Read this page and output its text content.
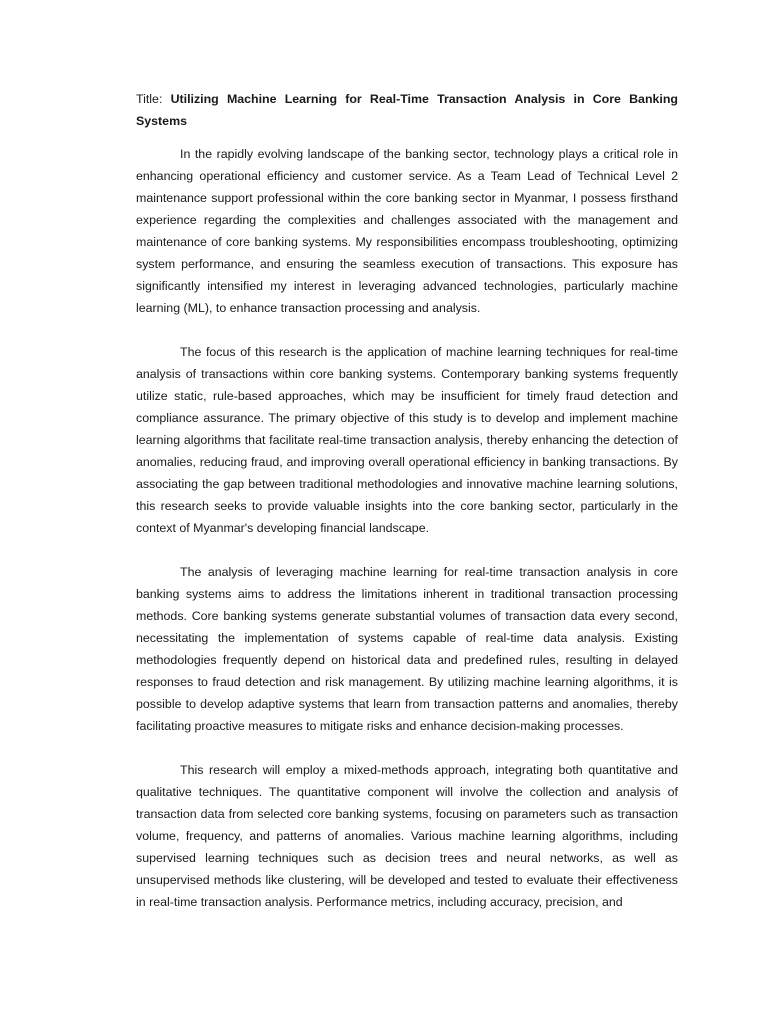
Title: Utilizing Machine Learning for Real-Time Transaction Analysis in Core Banking Systems

In the rapidly evolving landscape of the banking sector, technology plays a critical role in enhancing operational efficiency and customer service. As a Team Lead of Technical Level 2 maintenance support professional within the core banking sector in Myanmar, I possess firsthand experience regarding the complexities and challenges associated with the management and maintenance of core banking systems. My responsibilities encompass troubleshooting, optimizing system performance, and ensuring the seamless execution of transactions. This exposure has significantly intensified my interest in leveraging advanced technologies, particularly machine learning (ML), to enhance transaction processing and analysis.

The focus of this research is the application of machine learning techniques for real-time analysis of transactions within core banking systems. Contemporary banking systems frequently utilize static, rule-based approaches, which may be insufficient for timely fraud detection and compliance assurance. The primary objective of this study is to develop and implement machine learning algorithms that facilitate real-time transaction analysis, thereby enhancing the detection of anomalies, reducing fraud, and improving overall operational efficiency in banking transactions. By associating the gap between traditional methodologies and innovative machine learning solutions, this research seeks to provide valuable insights into the core banking sector, particularly in the context of Myanmar's developing financial landscape.

The analysis of leveraging machine learning for real-time transaction analysis in core banking systems aims to address the limitations inherent in traditional transaction processing methods. Core banking systems generate substantial volumes of transaction data every second, necessitating the implementation of systems capable of real-time data analysis. Existing methodologies frequently depend on historical data and predefined rules, resulting in delayed responses to fraud detection and risk management. By utilizing machine learning algorithms, it is possible to develop adaptive systems that learn from transaction patterns and anomalies, thereby facilitating proactive measures to mitigate risks and enhance decision-making processes.

This research will employ a mixed-methods approach, integrating both quantitative and qualitative techniques. The quantitative component will involve the collection and analysis of transaction data from selected core banking systems, focusing on parameters such as transaction volume, frequency, and patterns of anomalies. Various machine learning algorithms, including supervised learning techniques such as decision trees and neural networks, as well as unsupervised methods like clustering, will be developed and tested to evaluate their effectiveness in real-time transaction analysis. Performance metrics, including accuracy, precision, and
